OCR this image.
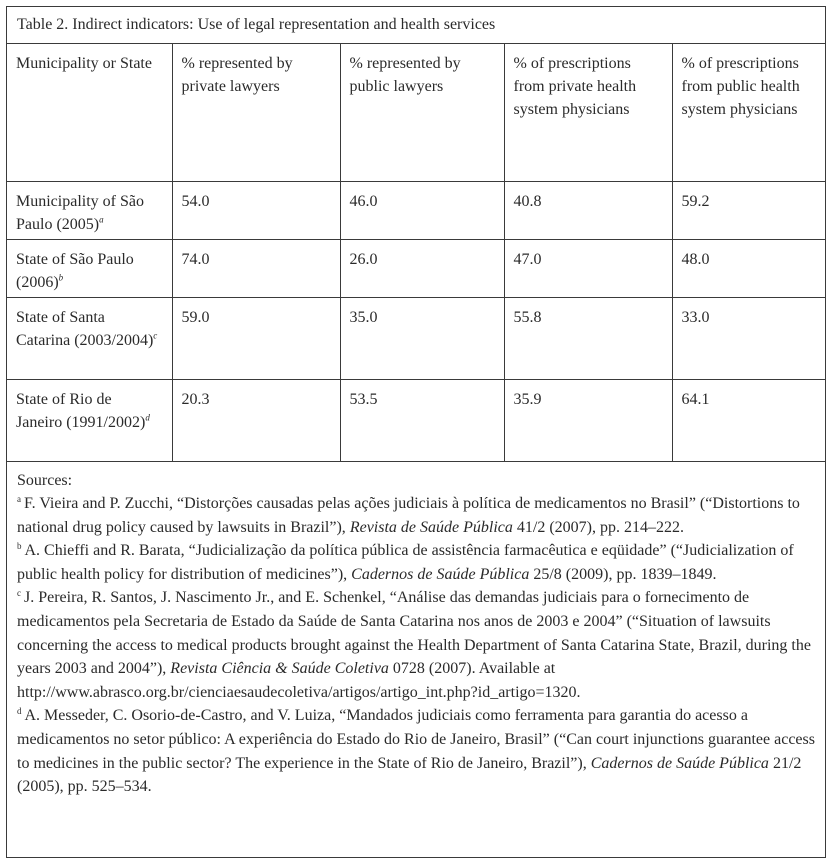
Table 2. Indirect indicators: Use of legal representation and health services
Municipality or State	% represented by private lawyers	% represented by public lawyers	% of prescriptions from private health system physicians	% of prescriptions from public health system physicians
Municipality of São Paulo (2005)$^a$	54.0	46.0	40.8	59.2
State of São Paulo (2006)$^b$	74.0	26.0	47.0	48.0
State of Santa Catarina (2003/2004)$^c$	59.0	35.0	55.8	33.0
State of Rio de Janeiro (1991/2002)$^d$	20.3	53.5	35.9	64.1
Sources:
$^a$ F. Vieira and P. Zucchi, “Distorções causadas pelas ações judiciais à política de medicamentos no Brasil” (“Distortions to national drug policy caused by lawsuits in Brazil”), Revista de Saúde Pública 41/2 (2007), pp. 214–222.
$^b$ A. Chieffi and R. Barata, “Judicialização da política pública de assistência farmacêutica e eqüidade” (“Judicialization of public health policy for distribution of medicines”), Cadernos de Saúde Pública 25/8 (2009), pp. 1839–1849.
$^c$ J. Pereira, R. Santos, J. Nascimento Jr., and E. Schenkel, “Análise das demandas judiciais para o fornecimento de medicamentos pela Secretaria de Estado da Saúde de Santa Catarina nos anos de 2003 e 2004” (“Situation of lawsuits concerning the access to medical products brought against the Health Department of Santa Catarina State, Brazil, during the years 2003 and 2004”), Revista Ciência & Saúde Coletiva 0728 (2007). Available at http://www.abrasco.org.br/cienciaesaudecoletiva/artigos/artigo_int.php?id_artigo=1320.
$^d$ A. Messeder, C. Osorio-de-Castro, and V. Luiza, “Mandados judiciais como ferramenta para garantia do acesso a medicamentos no setor público: A experiência do Estado do Rio de Janeiro, Brasil” (“Can court injunctions guarantee access to medicines in the public sector? The experience in the State of Rio de Janeiro, Brazil”), Cadernos de Saúde Pública 21/2 (2005), pp. 525–534.
